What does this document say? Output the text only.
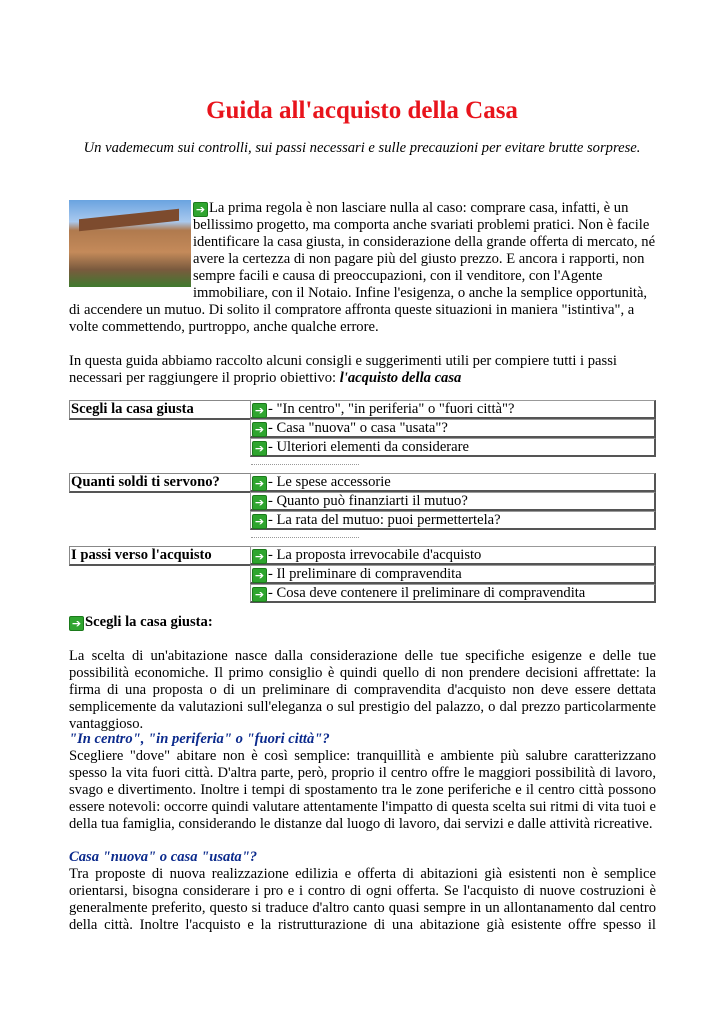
Guida all'acquisto della Casa
Un vademecum sui controlli, sui passi necessari e sulle precauzioni per evitare brutte sorprese.
➔ La prima regola è non lasciare nulla al caso: comprare casa, infatti, è un bellissimo progetto, ma comporta anche svariati problemi pratici. Non è facile identificare la casa giusta, in considerazione della grande offerta di mercato, né avere la certezza di non pagare più del giusto prezzo. E ancora i rapporti, non sempre facili e causa di preoccupazioni, con il venditore, con l'Agente immobiliare, con il Notaio. Infine l'esigenza, o anche la semplice opportunità, di accendere un mutuo. Di solito il compratore affronta queste situazioni in maniera "istintiva", a volte commettendo, purtroppo, anche qualche errore.
In questa guida abbiamo raccolto alcuni consigli e suggerimenti utili per compiere tutti i passi necessari per raggiungere il proprio obiettivo: l'acquisto della casa
Scegli la casa giusta	➔ - "In centro", "in periferia" o "fuori città"?
➔ - Casa "nuova" o casa "usata"?
➔ - Ulteriori elementi da considerare
Quanti soldi ti servono?	➔ - Le spese accessorie
➔ - Quanto può finanziarti il mutuo?
➔ - La rata del mutuo: puoi permettertela?
I passi verso l'acquisto	➔ - La proposta irrevocabile d'acquisto
➔ - Il preliminare di compravendita
➔ - Cosa deve contenere il preliminare di compravendita
➔ Scegli la casa giusta:
La scelta di un'abitazione nasce dalla considerazione delle tue specifiche esigenze e delle tue possibilità economiche. Il primo consiglio è quindi quello di non prendere decisioni affrettate: la firma di una proposta o di un preliminare di compravendita d'acquisto non deve essere dettata semplicemente da valutazioni sull'eleganza o sul prestigio del palazzo, o dal prezzo particolarmente vantaggioso.
"In centro", "in periferia" o "fuori città"?
Scegliere "dove" abitare non è così semplice: tranquillità e ambiente più salubre caratterizzano spesso la vita fuori città. D'altra parte, però, proprio il centro offre le maggiori possibilità di lavoro, svago e divertimento. Inoltre i tempi di spostamento tra le zone periferiche e il centro città possono essere notevoli: occorre quindi valutare attentamente l'impatto di questa scelta sui ritmi di vita tuoi e della tua famiglia, considerando le distanze dal luogo di lavoro, dai servizi e dalle attività ricreative.
Casa "nuova" o casa "usata"?
Tra proposte di nuova realizzazione edilizia e offerta di abitazioni già esistenti non è semplice orientarsi, bisogna considerare i pro e i contro di ogni offerta. Se l'acquisto di nuove costruzioni è generalmente preferito, questo si traduce d'altro canto quasi sempre in un allontanamento dal centro della città. Inoltre l'acquisto e la ristrutturazione di una abitazione già esistente offre spesso il
